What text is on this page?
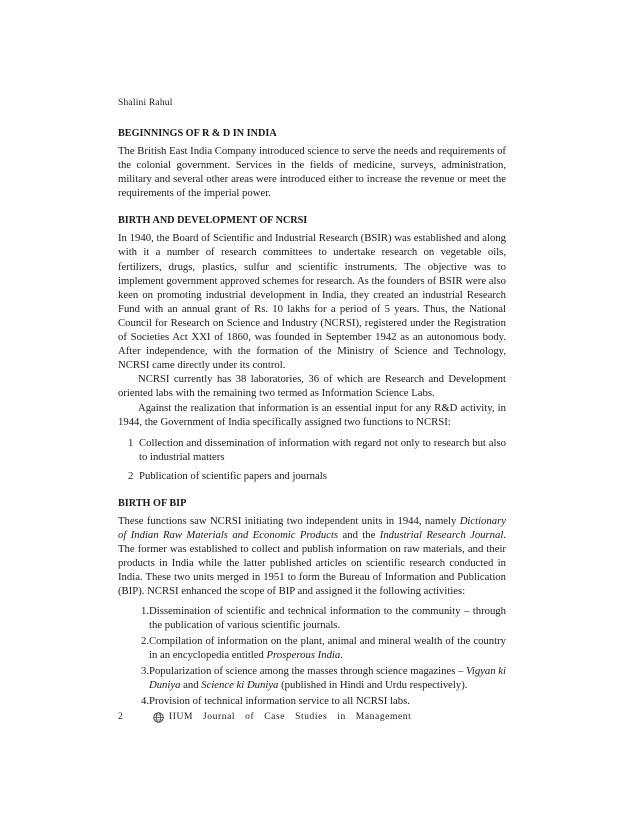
Shalini Rahul
BEGINNINGS OF R & D IN INDIA

The British East India Company introduced science to serve the needs and requirements of the colonial government. Services in the fields of medicine, surveys, administration, military and several other areas were introduced either to increase the revenue or meet the requirements of the imperial power.

BIRTH AND DEVELOPMENT OF NCRSI

In 1940, the Board of Scientific and Industrial Research (BSIR) was established and along with it a number of research committees to undertake research on vegetable oils, fertilizers, drugs, plastics, sulfur and scientific instruments. The objective was to implement government approved schemes for research. As the founders of BSIR were also keen on promoting industrial development in India, they created an industrial Research Fund with an annual grant of Rs. 10 lakhs for a period of 5 years. Thus, the National Council for Research on Science and Industry (NCRSI), registered under the Registration of Societies Act XXI of 1860, was founded in September 1942 as an autonomous body. After independence, with the formation of the Ministry of Science and Technology, NCRSI came directly under its control.

NCRSI currently has 38 laboratories, 36 of which are Research and Development oriented labs with the remaining two termed as Information Science Labs.

Against the realization that information is an essential input for any R&D activity, in 1944, the Government of India specifically assigned two functions to NCRSI:

1 Collection and dissemination of information with regard not only to research but also to industrial matters
2 Publication of scientific papers and journals
BIRTH OF BIP

These functions saw NCRSI initiating two independent units in 1944, namely Dictionary of Indian Raw Materials and Economic Products and the Industrial Research Journal. The former was established to collect and publish information on raw materials, and their products in India while the latter published articles on scientific research conducted in India. These two units merged in 1951 to form the Bureau of Information and Publication (BIP). NCRSI enhanced the scope of BIP and assigned it the following activities:

1. Dissemination of scientific and technical information to the community – through the publication of various scientific journals.
2. Compilation of information on the plant, animal and mineral wealth of the country in an encyclopedia entitled Prosperous India.
3. Popularization of science among the masses through science magazines – Vigyan ki Duniya and Science ki Duniya (published in Hindi and Urdu respectively).
4. Provision of technical information service to all NCRSI labs.
2	IIUM Journal of Case Studies in Management
